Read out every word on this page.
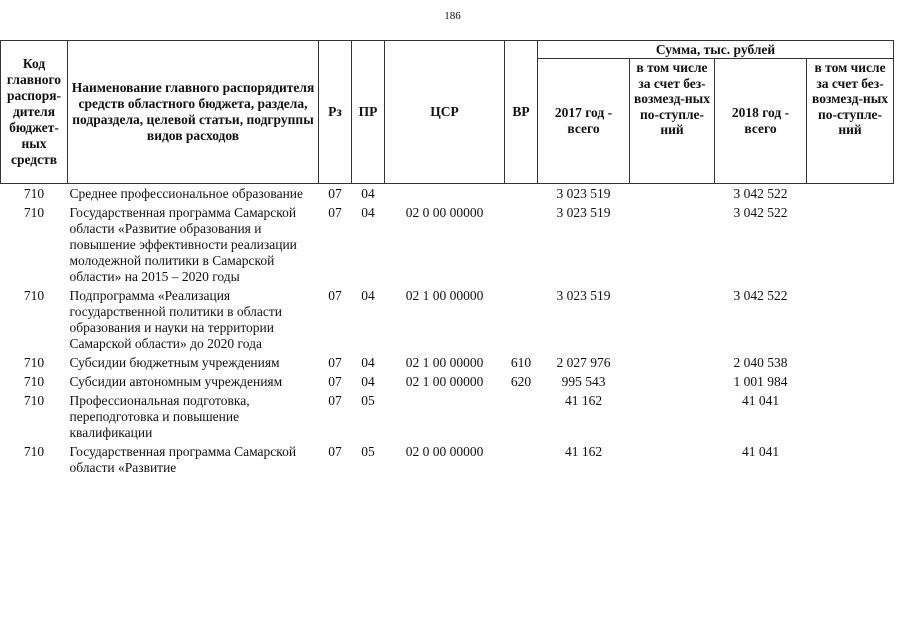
186
Код главного распоря-дителя бюджет-ных средств	Наименование главного распорядителя средств областного бюджета, раздела, подраздела, целевой статьи, подгруппы видов расходов	Рз	ПР	ЦСР	ВР	Сумма, тыс. рублей			
						2017 год - всего	в том числе за счет без-возмезд-ных по-ступле-ний	2018 год - всего	в том числе за счет без-возмезд-ных по-ступле-ний
710	Среднее профессиональное образование	07	04			3 023 519		3 042 522	
710	Государственная программа Самарской области «Развитие образования и повышение эффективности реализации молодежной политики в Самарской области» на 2015 – 2020 годы	07	04	02 0 00 00000		3 023 519		3 042 522	
710	Подпрограмма «Реализация государственной политики в области образования и науки на территории Самарской области» до 2020 года	07	04	02 1 00 00000		3 023 519		3 042 522	
710	Субсидии бюджетным учреждениям	07	04	02 1 00 00000	610	2 027 976		2 040 538	
710	Субсидии автономным учреждениям	07	04	02 1 00 00000	620	995 543		1 001 984	
710	Профессиональная подготовка, переподготовка и повышение квалификации	07	05			41 162		41 041	
710	Государственная программа Самарской области «Развитие	07	05	02 0 00 00000		41 162		41 041	
